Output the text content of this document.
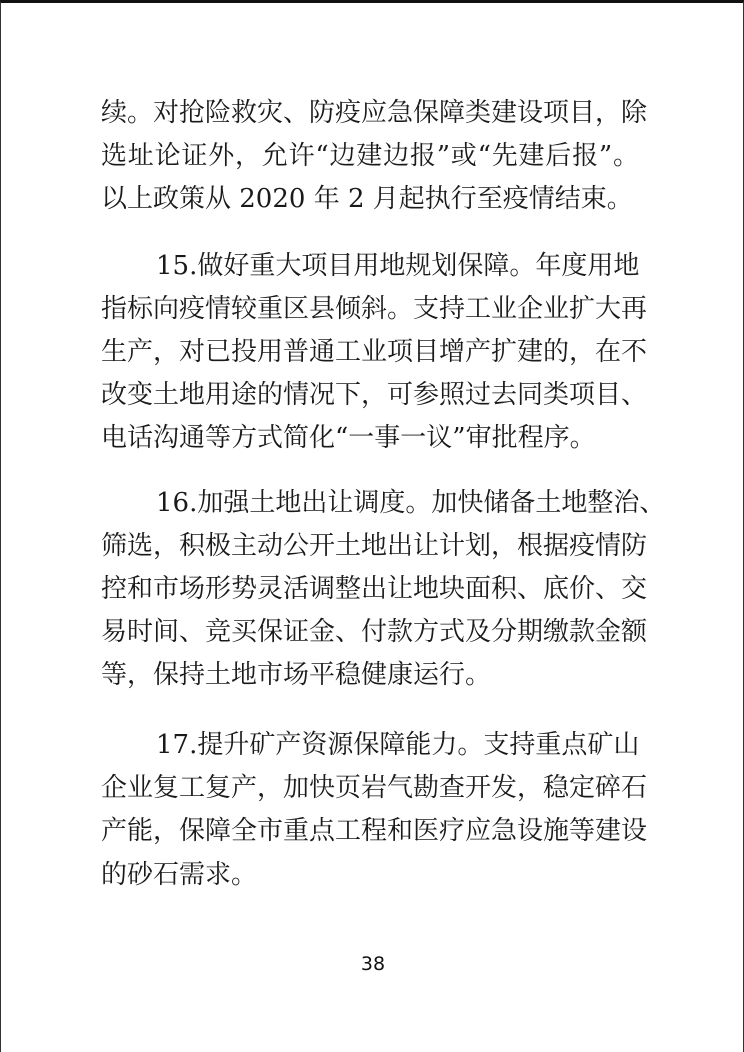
续。对抢险救灾、防疫应急保障类建设项目，除
选址论证外，允许“边建边报”或“先建后报”。
以上政策从 2020 年 2 月起执行至疫情结束。
15.做好重大项目用地规划保障。年度用地
指标向疫情较重区县倾斜。支持工业企业扩大再
生产，对已投用普通工业项目增产扩建的，在不
改变土地用途的情况下，可参照过去同类项目、
电话沟通等方式简化“一事一议”审批程序。
16.加强土地出让调度。加快储备土地整治、
筛选，积极主动公开土地出让计划，根据疫情防
控和市场形势灵活调整出让地块面积、底价、交
易时间、竞买保证金、付款方式及分期缴款金额
等，保持土地市场平稳健康运行。
17.提升矿产资源保障能力。支持重点矿山
企业复工复产，加快页岩气勘查开发，稳定碎石
产能，保障全市重点工程和医疗应急设施等建设
的砂石需求。
38
